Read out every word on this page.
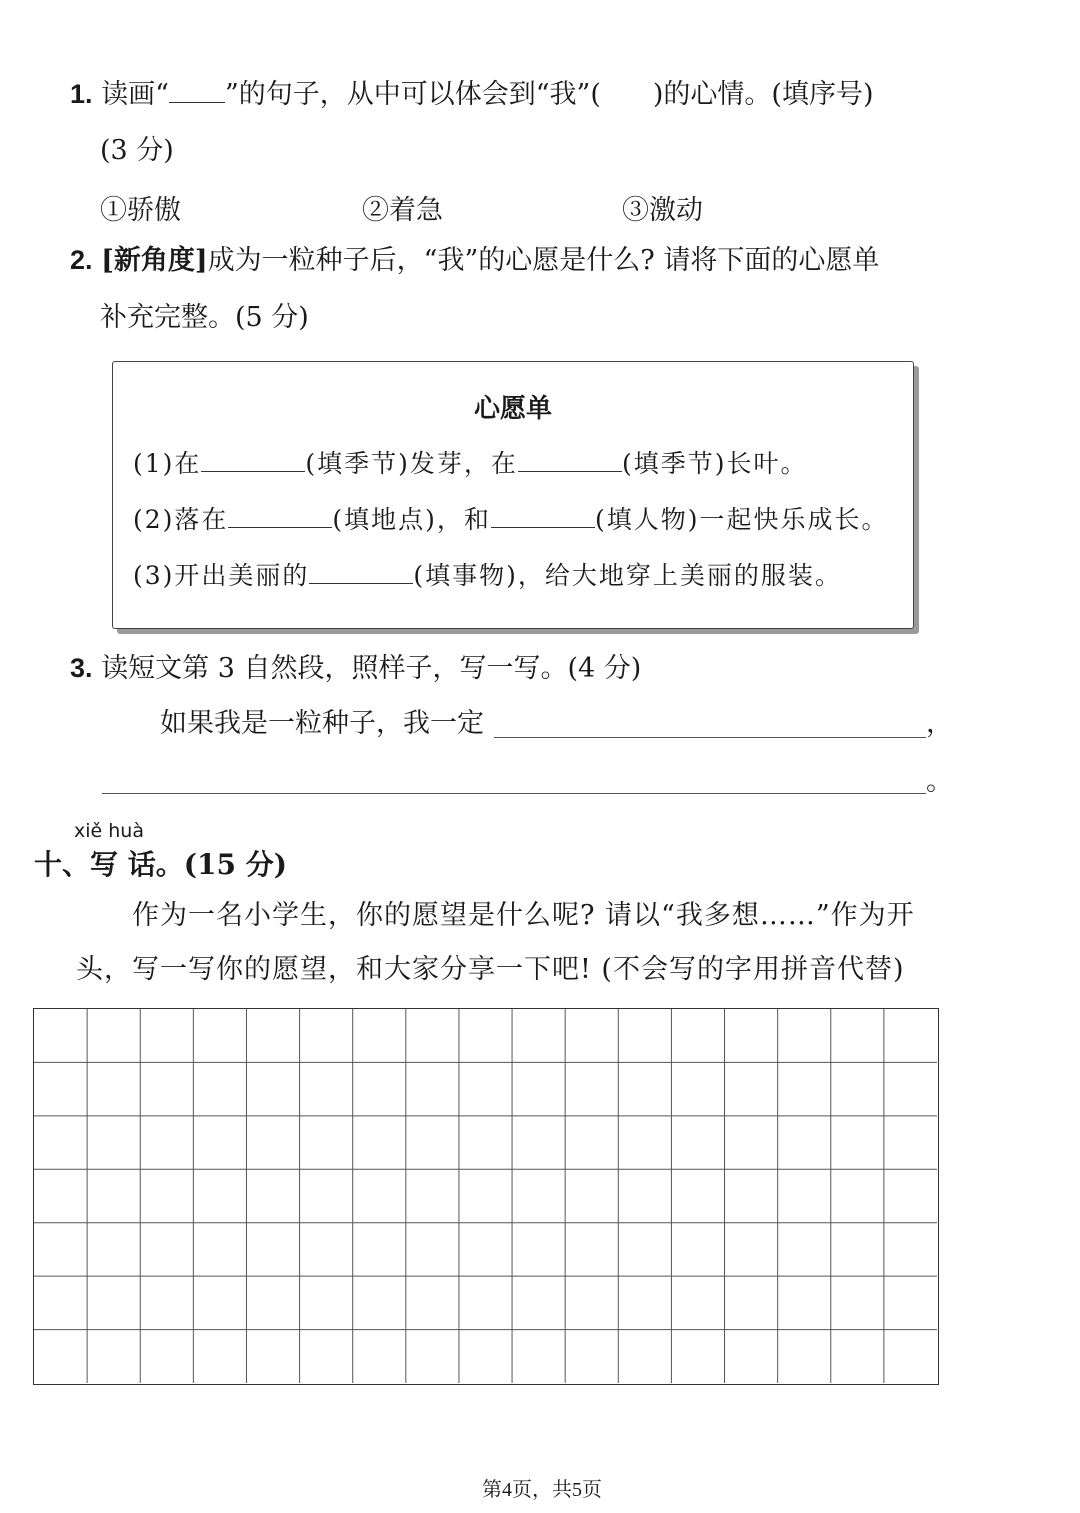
1. 读画“ ”的句子，从中可以体会到“我”( )的心情。(填序号)
(3 分)
①骄傲	②着急	③激动
2. [新角度]成为一粒种子后，“我”的心愿是什么? 请将下面的心愿单
补充完整。(5 分)
心愿单
(1)在	(填季节)发芽，在	(填季节)长叶。
(2)落在	(填地点)，和	(填人物)一起快乐成长。
(3)开出美丽的	(填事物)，给大地穿上美丽的服装。
3. 读短文第 3 自然段，照样子，写一写。(4 分)
如果我是一粒种子，我一定	，
。
xiě huà
十、写 话。(15 分)
作为一名小学生，你的愿望是什么呢? 请以“我多想……”作为开
头，写一写你的愿望，和大家分享一下吧! (不会写的字用拼音代替)
第4页，共5页
